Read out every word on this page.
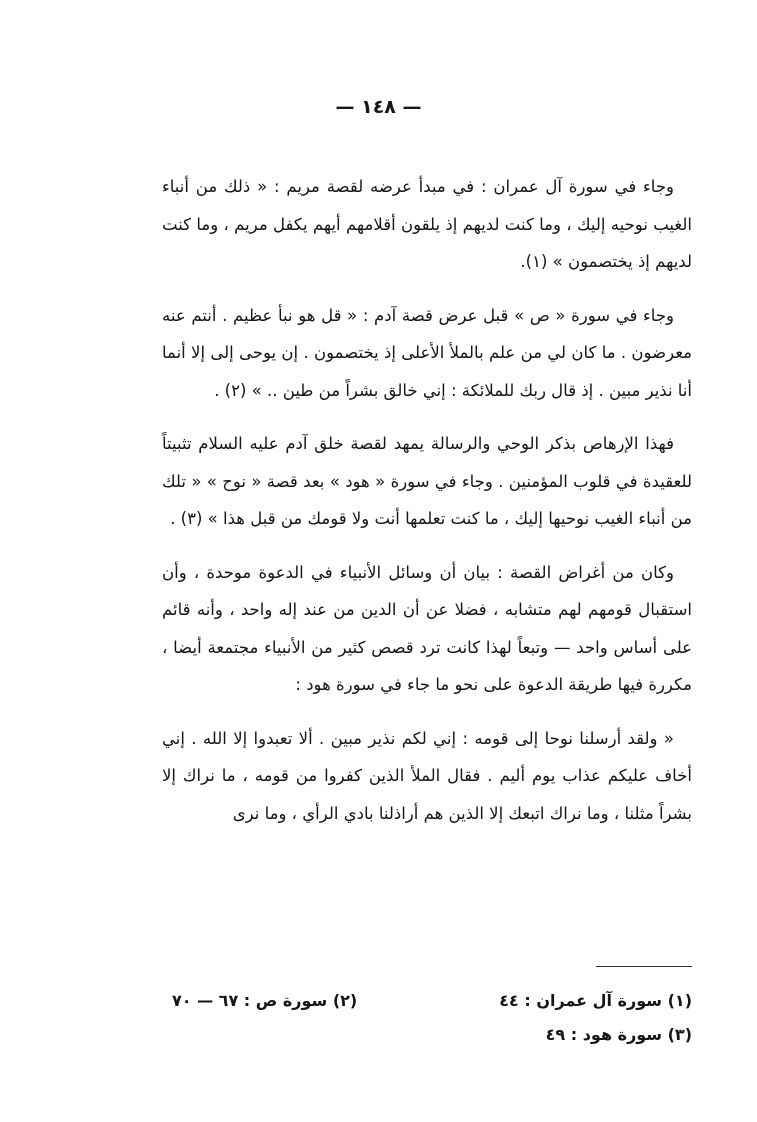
— ١٤٨ —

وجاء في سورة آل عمران : في مبدأ عرضه لقصة مريم : « ذلك من أنباء الغيب نوحيه إليك ، وما كنت لديهم إذ يلقون أقلامهم أيهم يكفل مريم ، وما كنت لديهم إذ يختصمون » (١).

وجاء في سورة « ص » قبل عرض قصة آدم : « قل هو نبأ عظيم . أنتم عنه معرضون . ما كان لي من علم بالملأ الأعلى إذ يختصمون . إن يوحى إلى إلا أنما أنا نذير مبين . إذ قال ربك للملائكة : إني خالق بشراً من طين .. » (٢) .

فهذا الإرهاص بذكر الوحي والرسالة يمهد لقصة خلق آدم عليه السلام تثبيتاً للعقيدة في قلوب المؤمنين . وجاء في سورة « هود » بعد قصة « نوح » « تلك من أنباء الغيب نوحيها إليك ، ما كنت تعلمها أنت ولا قومك من قبل هذا » (٣) .

وكان من أغراض القصة : بيان أن وسائل الأنبياء في الدعوة موحدة ، وأن استقبال قومهم لهم متشابه ، فضلا عن أن الدين من عند إله واحد ، وأنه قائم على أساس واحد — وتبعاً لهذا كانت ترد قصص كثير من الأنبياء مجتمعة أيضا ، مكررة فيها طريقة الدعوة على نحو ما جاء في سورة هود :

« ولقد أرسلنا نوحا إلى قومه : إني لكم نذير مبين . ألا تعبدوا إلا الله . إني أخاف عليكم عذاب يوم أليم . فقال الملأ الذين كفروا من قومه ، ما نراك إلا بشراً مثلنا ، وما نراك اتبعك إلا الذين هم أراذلنا بادي الرأي ، وما نرى

(١) سورة آل عمران : ٤٤
(٢) سورة ص : ٦٧ — ٧٠
(٣) سورة هود : ٤٩
